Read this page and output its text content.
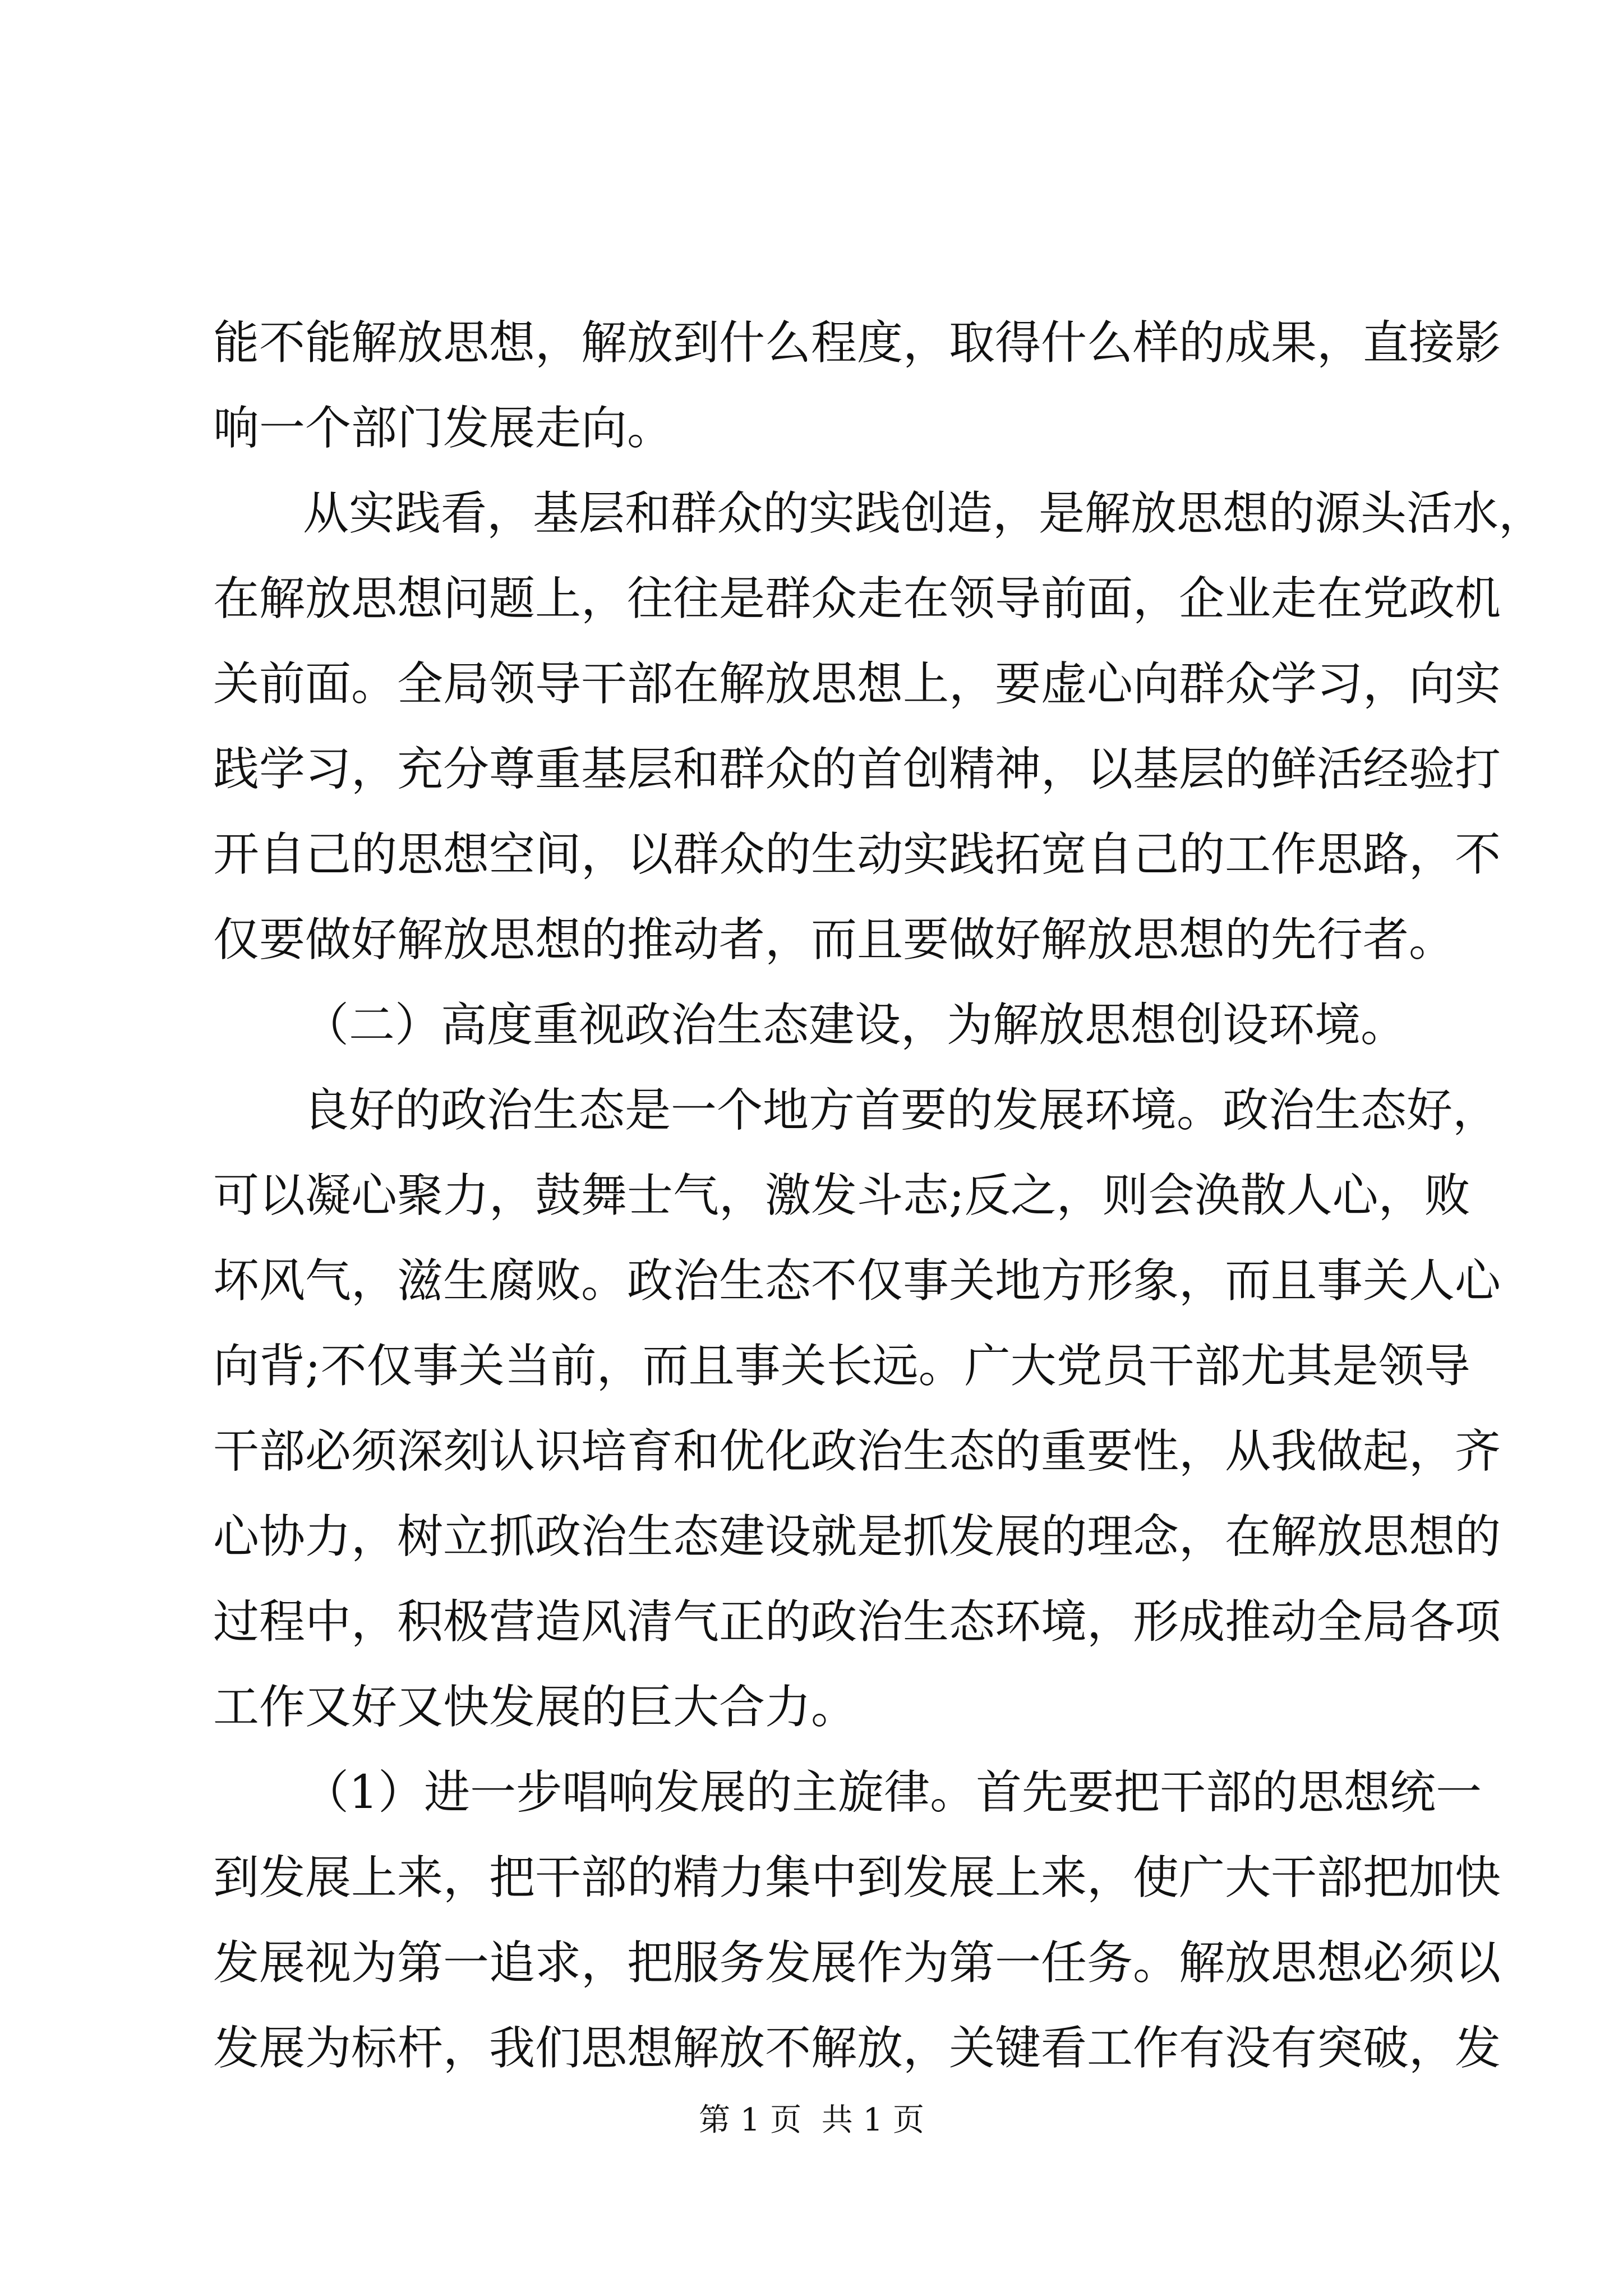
能不能解放思想，解放到什么程度，取得什么样的成果，直接影
响一个部门发展走向。
从实践看，基层和群众的实践创造，是解放思想的源头活水，
在解放思想问题上，往往是群众走在领导前面，企业走在党政机
关前面。全局领导干部在解放思想上，要虚心向群众学习，向实
践学习，充分尊重基层和群众的首创精神，以基层的鲜活经验打
开自己的思想空间，以群众的生动实践拓宽自己的工作思路，不
仅要做好解放思想的推动者，而且要做好解放思想的先行者。
（二）高度重视政治生态建设，为解放思想创设环境。
良好的政治生态是一个地方首要的发展环境。政治生态好，
可以凝心聚力，鼓舞士气，激发斗志;反之，则会涣散人心，败
坏风气，滋生腐败。政治生态不仅事关地方形象，而且事关人心
向背;不仅事关当前，而且事关长远。广大党员干部尤其是领导
干部必须深刻认识培育和优化政治生态的重要性，从我做起，齐
心协力，树立抓政治生态建设就是抓发展的理念，在解放思想的
过程中，积极营造风清气正的政治生态环境，形成推动全局各项
工作又好又快发展的巨大合力。
（1）进一步唱响发展的主旋律。首先要把干部的思想统一
到发展上来，把干部的精力集中到发展上来，使广大干部把加快
发展视为第一追求，把服务发展作为第一任务。解放思想必须以
发展为标杆，我们思想解放不解放，关键看工作有没有突破，发
第 1 页  共 1 页
